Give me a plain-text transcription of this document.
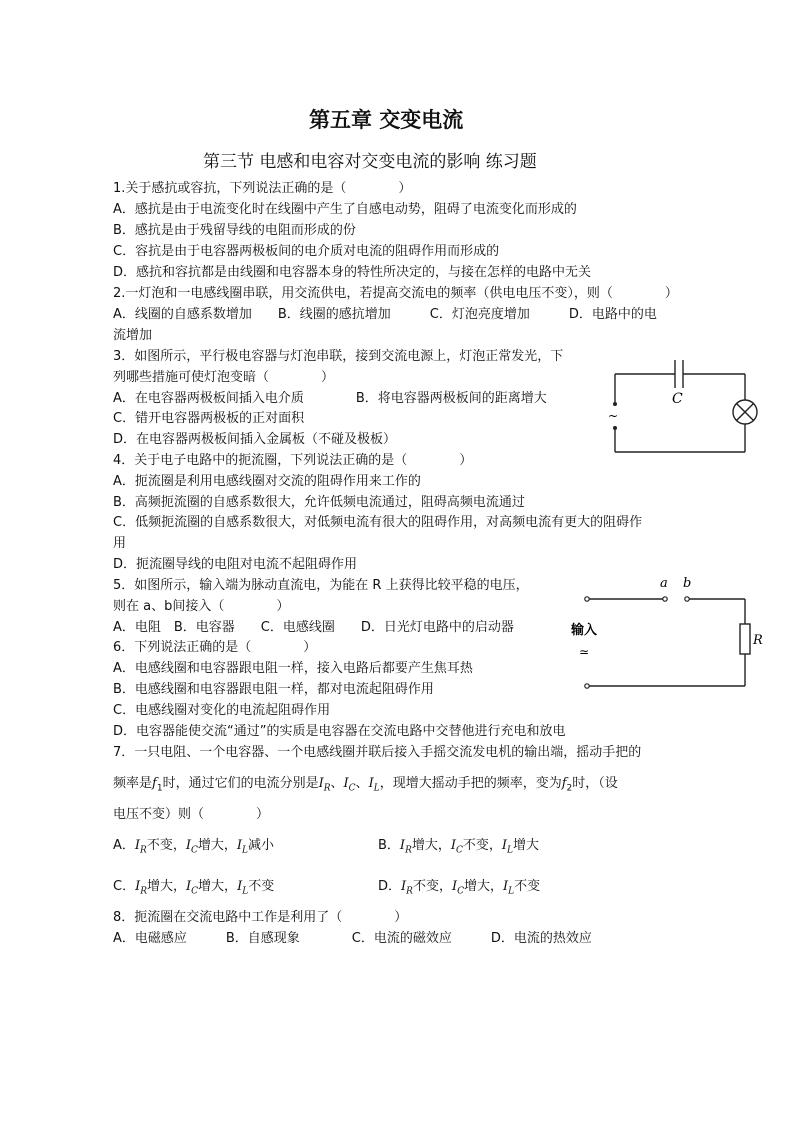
第五章 交变电流
第三节 电感和电容对交变电流的影响 练习题
1.关于感抗或容抗，下列说法正确的是（　　　　）
A．感抗是由于电流变化时在线圈中产生了自感电动势，阻碍了电流变化而形成的
B．感抗是由于残留导线的电阻而形成的份
C．容抗是由于电容器两极板间的电介质对电流的阻碍作用而形成的
D．感抗和容抗都是由线圈和电容器本身的特性所决定的，与接在怎样的电路中无关
2.一灯泡和一电感线圈串联，用交流供电，若提高交流电的频率（供电电压不变），则（　　　　）
A．线圈的自感系数增加　　B．线圈的感抗增加　　　C．灯泡亮度增加　　　D．电路中的电
流增加
3．如图所示，平行极电容器与灯泡串联，接到交流电源上，灯泡正常发光，下
列哪些措施可使灯泡变暗（　　　　）
A．在电容器两极板间插入电介质　　　　B．将电容器两极板间的距离增大
C．错开电容器两极板的正对面积
D．在电容器两极板间插入金属板（不碰及极板）
C
~
4．关于电子电路中的扼流圈，下列说法正确的是（　　　　）
A．扼流圈是利用电感线圈对交流的阻碍作用来工作的
B．高频扼流圈的自感系数很大，允许低频电流通过，阻碍高频电流通过
C．低频扼流圈的自感系数很大，对低频电流有很大的阻碍作用，对高频电流有更大的阻碍作
用
D．扼流圈导线的电阻对电流不起阻碍作用
5．如图所示，输入端为脉动直流电，为能在 R 上获得比较平稳的电压，
则在 a、b间接入（　　　　）
A．电阻　B．电容器　　C．电感线圈　　D．日光灯电路中的启动器
a b
输入
≃
R
6．下列说法正确的是（　　　　）
A．电感线圈和电容器跟电阻一样，接入电路后都要产生焦耳热
B．电感线圈和电容器跟电阻一样，都对电流起阻碍作用
C．电感线圈对变化的电流起阻碍作用
D．电容器能使交流“通过”的实质是电容器在交流电路中交替他进行充电和放电
7．一只电阻、一个电容器、一个电感线圈并联后接入手摇交流发电机的输出端，摇动手把的
频率是$f_1$时，通过它们的电流分别是$I_R$、$I_C$、$I_L$，现增大摇动手把的频率，变为$f_2$时，（设
电压不变）则（　　　　）
A．$I_R$不变，$I_C$增大，$I_L$减小	B．$I_R$增大，$I_C$不变，$I_L$增大
C．$I_R$增大，$I_C$增大，$I_L$不变	D．$I_R$不变，$I_C$增大，$I_L$不变
8．扼流圈在交流电路中工作是利用了（　　　　）
A．电磁感应　　　B．自感现象　　　　C．电流的磁效应　　　D．电流的热效应
